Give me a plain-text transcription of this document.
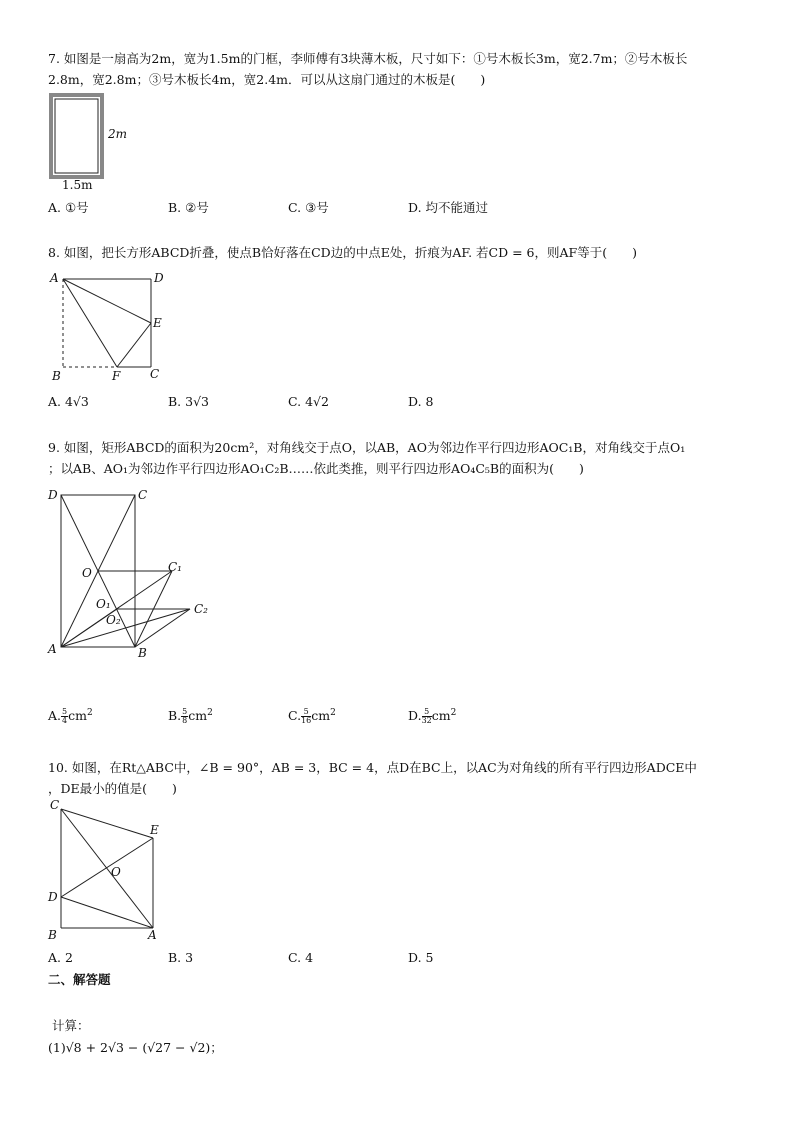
7. 如图是一扇高为2m，宽为1.5m的门框，李师傅有3块薄木板，尺寸如下：①号木板长3m，宽2.7m；②号木板长
2.8m，宽2.8m；③号木板长4m，宽2.4m．可以从这扇门通过的木板是(　　)
2m
1.5m
A. ①号	B. ②号	C. ③号	D. 均不能通过
8. 如图，把长方形ABCD折叠，使点B恰好落在CD边的中点E处，折痕为AF. 若CD = 6，则AF等于(　　)
A	D
E
B	F C
A. 4√3	B. 3√3	C. 4√2	D. 8
9. 如图，矩形ABCD的面积为20cm²，对角线交于点O，以AB，AO为邻边作平行四边形AOC₁B，对角线交于点O₁
；以AB、AO₁为邻边作平行四边形AO₁C₂B……依此类推，则平行四边形AO₄C₅B的面积为(　　)
D	C
O	C₁
O₁	C₂
O₂
A	B
A. $\frac{5}{4} cm^2$	B. $\frac{5}{8} cm^2$	C. $\frac{5}{16} cm^2$	D. $\frac{5}{32} cm^2$
10. 如图，在Rt△ABC中，∠B = 90°，AB = 3，BC = 4，点D在BC上，以AC为对角线的所有平行四边形ADCE中
，DE最小的值是(　　)
C
E
O
D
B	A
A. 2	B. 3	C. 4	D. 5
二、解答题
计算：
(1)√8 + 2√3 − (√27 − √2)；
